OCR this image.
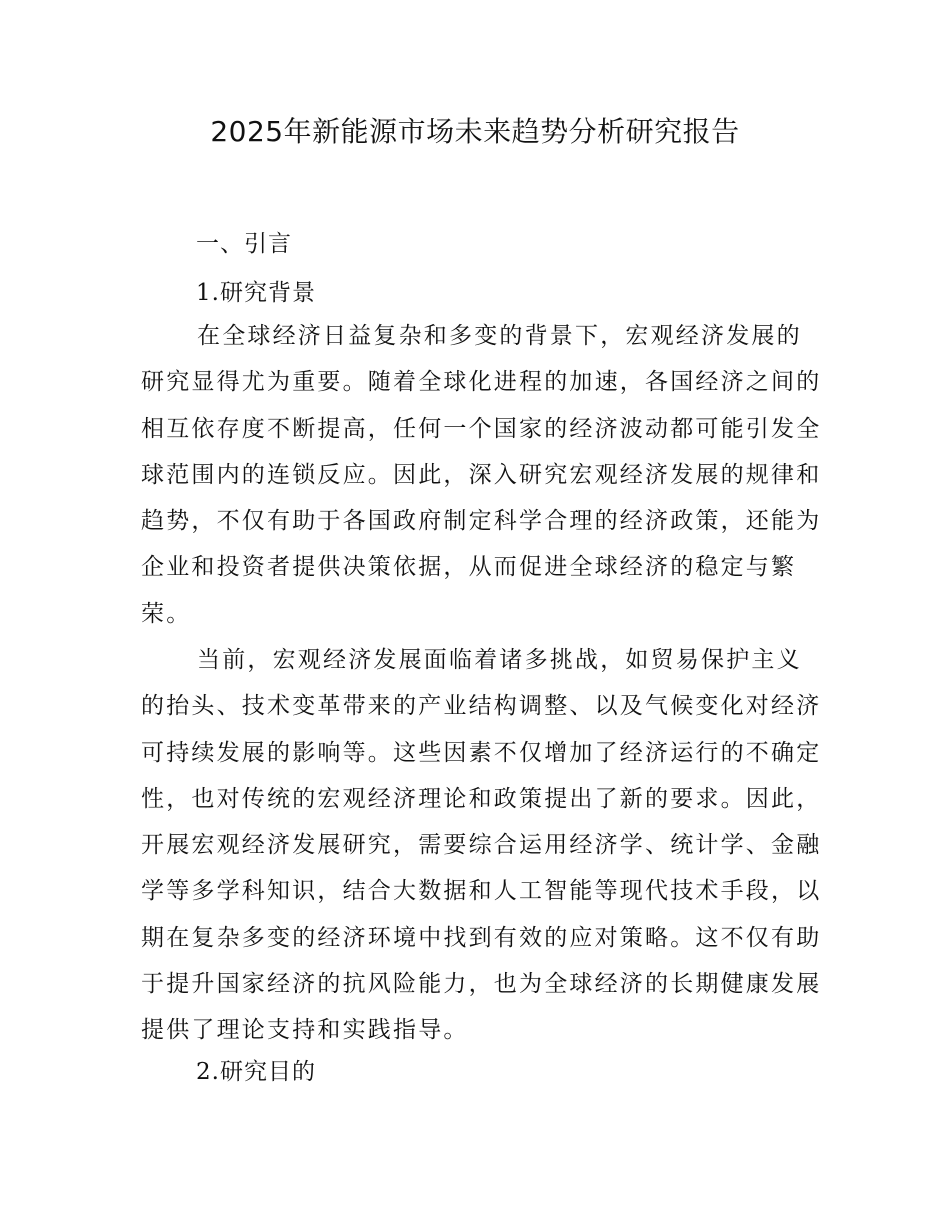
2025年新能源市场未来趋势分析研究报告
一、引言
1.研究背景
在全球经济日益复杂和多变的背景下，宏观经济发展的
研究显得尤为重要。随着全球化进程的加速，各国经济之间的
相互依存度不断提高，任何一个国家的经济波动都可能引发全
球范围内的连锁反应。因此，深入研究宏观经济发展的规律和
趋势，不仅有助于各国政府制定科学合理的经济政策，还能为
企业和投资者提供决策依据，从而促进全球经济的稳定与繁
荣。
当前，宏观经济发展面临着诸多挑战，如贸易保护主义
的抬头、技术变革带来的产业结构调整、以及气候变化对经济
可持续发展的影响等。这些因素不仅增加了经济运行的不确定
性，也对传统的宏观经济理论和政策提出了新的要求。因此，
开展宏观经济发展研究，需要综合运用经济学、统计学、金融
学等多学科知识，结合大数据和人工智能等现代技术手段，以
期在复杂多变的经济环境中找到有效的应对策略。这不仅有助
于提升国家经济的抗风险能力，也为全球经济的长期健康发展
提供了理论支持和实践指导。
2.研究目的
